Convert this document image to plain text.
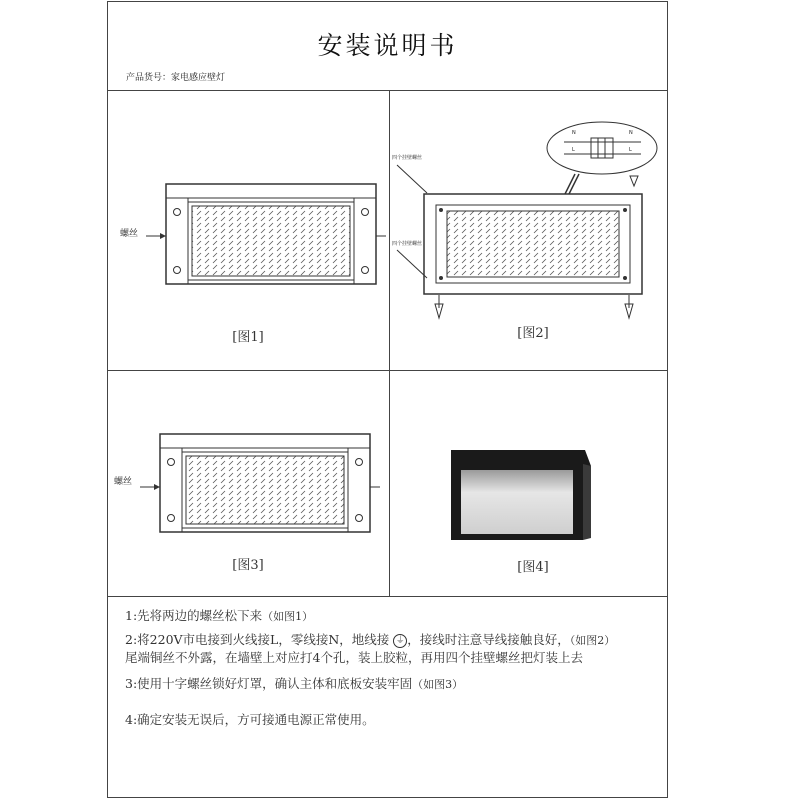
安装说明书
产品货号：家电感应壁灯
螺丝
[图1]
四个挂壁螺丝
四个挂壁螺丝
N
L
N
L
[图2]
螺丝
[图3]	[图4]
1:先将两边的螺丝松下来（如图1）
2:将220V市电接到火线接L，零线接N，地线接 ⏚ ，接线时注意导线接触良好，（如图2）
尾端铜丝不外露，在墙壁上对应打4个孔，装上胶粒，再用四个挂壁螺丝把灯装上去
3:使用十字螺丝锁好灯罩，确认主体和底板安装牢固（如图3）
4:确定安装无误后，方可接通电源正常使用。
